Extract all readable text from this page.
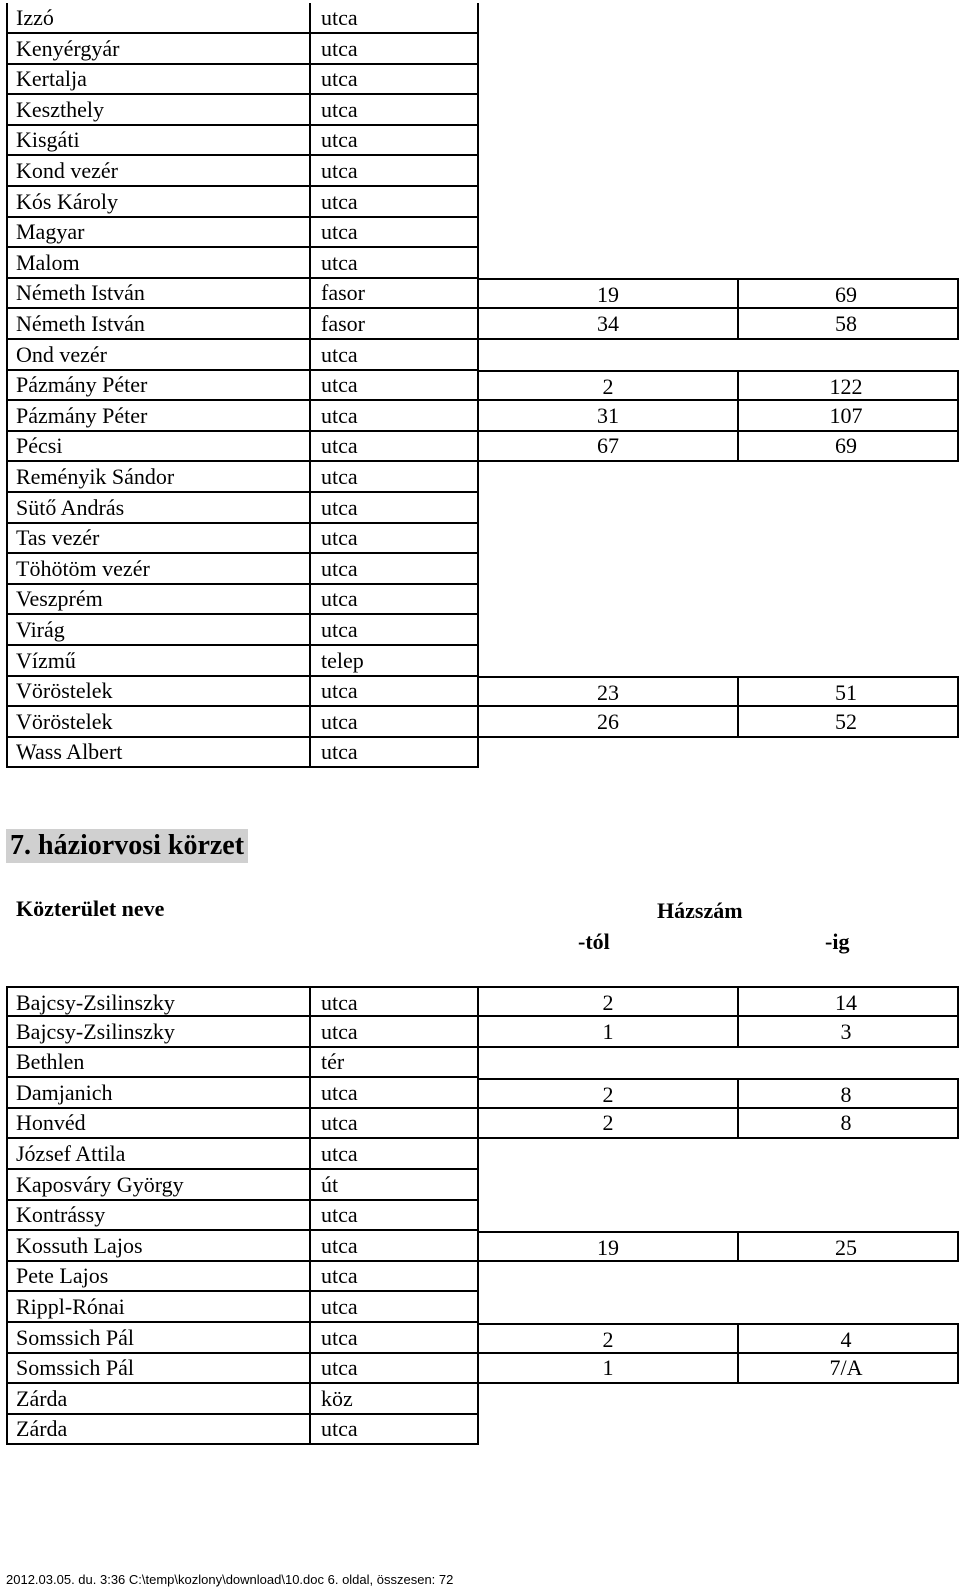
Izzó	utca
Kenyérgyár	utca
Kertalja	utca
Keszthely	utca
Kisgáti	utca
Kond vezér	utca
Kós Károly	utca
Magyar	utca
Malom	utca
Németh István	fasor	19	69
Németh István	fasor	34	58
Ond vezér	utca
Pázmány Péter	utca	2	122
Pázmány Péter	utca	31	107
Pécsi	utca	67	69
Reményik Sándor	utca
Sütő András	utca
Tas vezér	utca
Töhötöm vezér	utca
Veszprém	utca
Virág	utca
Vízmű	telep
Vöröstelek	utca	23	51
Vöröstelek	utca	26	52
Wass Albert	utca
7. háziorvosi körzet
Közterület neve	Házszám
-tól	-ig
Bajcsy-Zsilinszky	utca	2	14
Bajcsy-Zsilinszky	utca	1	3
Bethlen	tér
Damjanich	utca	2	8
Honvéd	utca	2	8
József Attila	utca
Kaposváry György	út
Kontrássy	utca
Kossuth Lajos	utca	19	25
Pete Lajos	utca
Rippl-Rónai	utca
Somssich Pál	utca	2	4
Somssich Pál	utca	1	7/A
Zárda	köz
Zárda	utca
2012.03.05. du. 3:36 C:\temp\kozlony\download\10.doc 6. oldal, összesen: 72
